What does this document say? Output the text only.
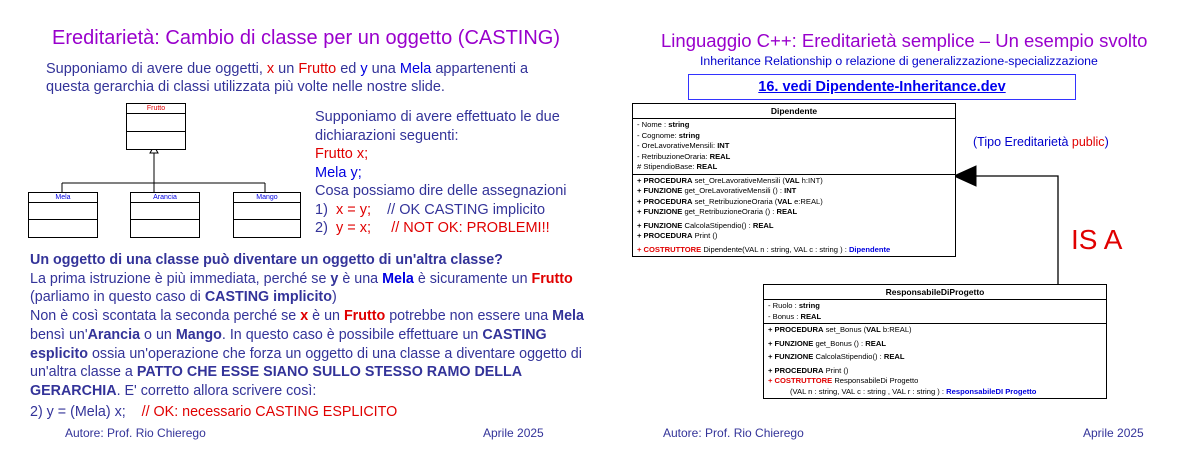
Ereditarietà: Cambio di classe per un oggetto (CASTING)
Supponiamo di avere due oggetti, x un Frutto ed y una Mela appartenenti a questa gerarchia di classi utilizzata più volte nelle nostre slide.
Frutto
Mela	Arancia	Mango
Supponiamo di avere effettuato le due dichiarazioni seguenti:
Frutto x;
Mela y;
Cosa possiamo dire delle assegnazioni
1) x = y; // OK CASTING implicito
2) y = x; // NOT OK: PROBLEMI!!
Un oggetto di una classe può diventare un oggetto di un'altra classe?
La prima istruzione è più immediata, perché se y è una Mela è sicuramente un Frutto (parliamo in questo caso di CASTING implicito)
Non è così scontata la seconda perché se x è un Frutto potrebbe non essere una Mela bensì un'Arancia o un Mango. In questo caso è possibile effettuare un CASTING esplicito ossia un'operazione che forza un oggetto di una classe a diventare oggetto di un'altra classe a PATTO CHE ESSE SIANO SULLO STESSO RAMO DELLA GERARCHIA. E' corretto allora scrivere così:
2) y = (Mela) x; // OK: necessario CASTING ESPLICITO
Autore: Prof. Rio Chierego	Aprile 2025
Linguaggio C++: Ereditarietà semplice – Un esempio svolto
Inheritance Relationship o relazione di generalizzazione-specializzazione
16. vedi Dipendente-Inheritance.dev
(Tipo Ereditarietà public)
IS A
Dipendente
- Nome : string
- Cognome: string
- OreLavorativeMensili: INT
- RetribuzioneOraria: REAL
# StipendioBase: REAL
+ PROCEDURA set_OreLavorativeMensili (VAL h:INT)
+ FUNZIONE get_OreLavorativeMensili () : INT
+ PROCEDURA set_RetribuzioneOraria (VAL e:REAL)
+ FUNZIONE get_RetribuzioneOraria () : REAL
+ FUNZIONE CalcolaStipendio() : REAL
+ PROCEDURA Print ()
+ COSTRUTTORE Dipendente(VAL n : string, VAL c : string ) : Dipendente
ResponsabileDiProgetto
- Ruolo : string
- Bonus : REAL
+ PROCEDURA set_Bonus (VAL b:REAL)
+ FUNZIONE get_Bonus () : REAL
+ FUNZIONE CalcolaStipendio() : REAL
+ PROCEDURA Print ()
+ COSTRUTTORE ResponsabileDi Progetto
(VAL n : string, VAL c : string , VAL r : string ) : ResponsabileDI Progetto
Autore: Prof. Rio Chierego	Aprile 2025
